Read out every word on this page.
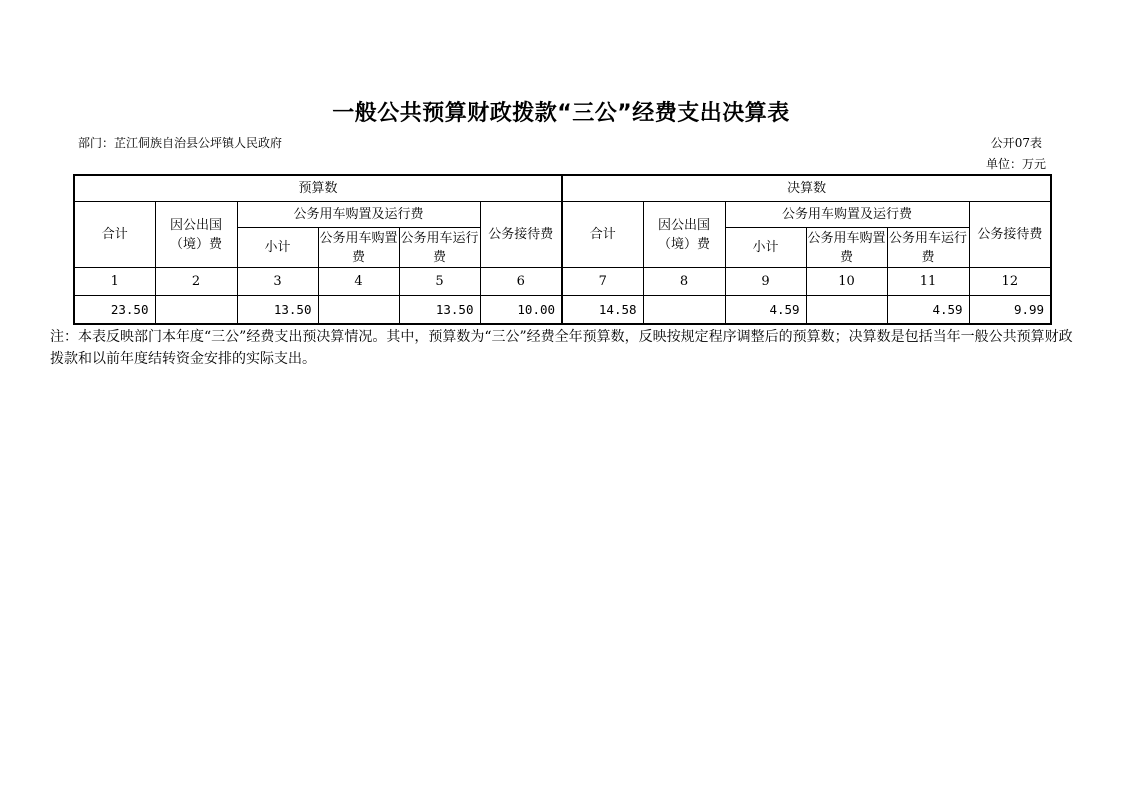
一般公共预算财政拨款“三公”经费支出决算表
部门：芷江侗族自治县公坪镇人民政府	公开07表
单位：万元
预算数						决算数					
合计	因公出国（境）费	公务用车购置及运行费			公务接待费	合计	因公出国（境）费	公务用车购置及运行费			公务接待费
		小计	公务用车购置费	公务用车运行费				小计	公务用车购置费	公务用车运行费	
1	2	3	4	5	6	7	8	9	10	11	12
23.50		13.50		13.50	10.00	14.58		4.59		4.59	9.99
注：本表反映部门本年度“三公”经费支出预决算情况。其中，预算数为“三公”经费全年预算数，反映按规定程序调整后的预算数；决算数是包括当年一般公共预算财政拨款和以前年度结转资金安排的实际支出。
